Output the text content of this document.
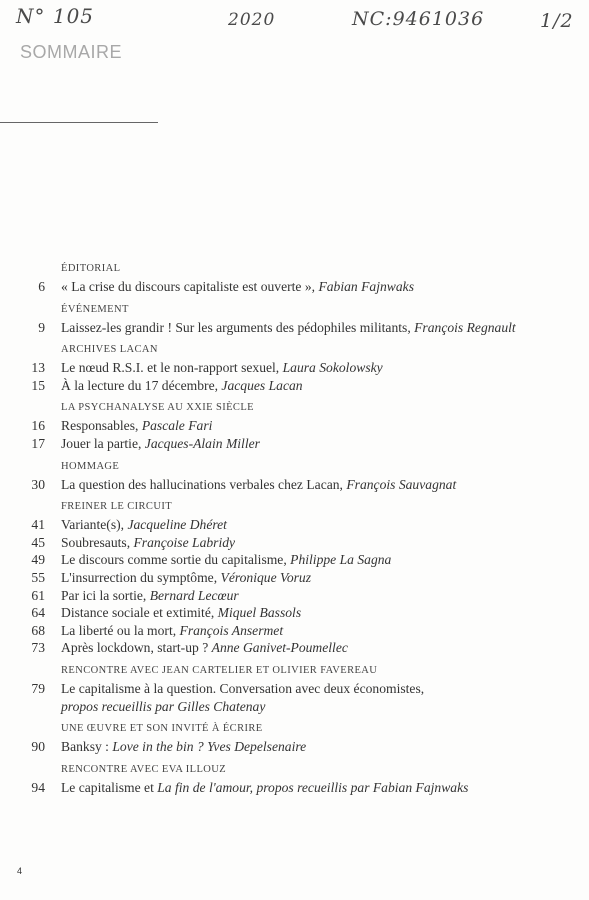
N° 105	2020	NC:9461036	1/2
SOMMAIRE
ÉDITORIAL
6	« La crise du discours capitaliste est ouverte », Fabian Fajnwaks
ÉVÉNEMENT
9	Laissez-les grandir ! Sur les arguments des pédophiles militants, François Regnault
ARCHIVES LACAN
13	Le nœud R.S.I. et le non-rapport sexuel, Laura Sokolowsky
15	À la lecture du 17 décembre, Jacques Lacan
LA PSYCHANALYSE AU XXIE SIÈCLE
16	Responsables, Pascale Fari
17	Jouer la partie, Jacques-Alain Miller
HOMMAGE
30	La question des hallucinations verbales chez Lacan, François Sauvagnat
FREINER LE CIRCUIT
41	Variante(s), Jacqueline Dhéret
45	Soubresauts, Françoise Labridy
49	Le discours comme sortie du capitalisme, Philippe La Sagna
55	L'insurrection du symptôme, Véronique Voruz
61	Par ici la sortie, Bernard Lecœur
64	Distance sociale et extimité, Miquel Bassols
68	La liberté ou la mort, François Ansermet
73	Après lockdown, start-up ? Anne Ganivet-Poumellec
RENCONTRE AVEC JEAN CARTELIER ET OLIVIER FAVEREAU
79	Le capitalisme à la question. Conversation avec deux économistes,
propos recueillis par Gilles Chatenay
UNE ŒUVRE ET SON INVITÉ À ÉCRIRE
90	Banksy : Love in the bin ? Yves Depelsenaire
RENCONTRE AVEC EVA ILLOUZ
94	Le capitalisme et La fin de l'amour, propos recueillis par Fabian Fajnwaks
4
